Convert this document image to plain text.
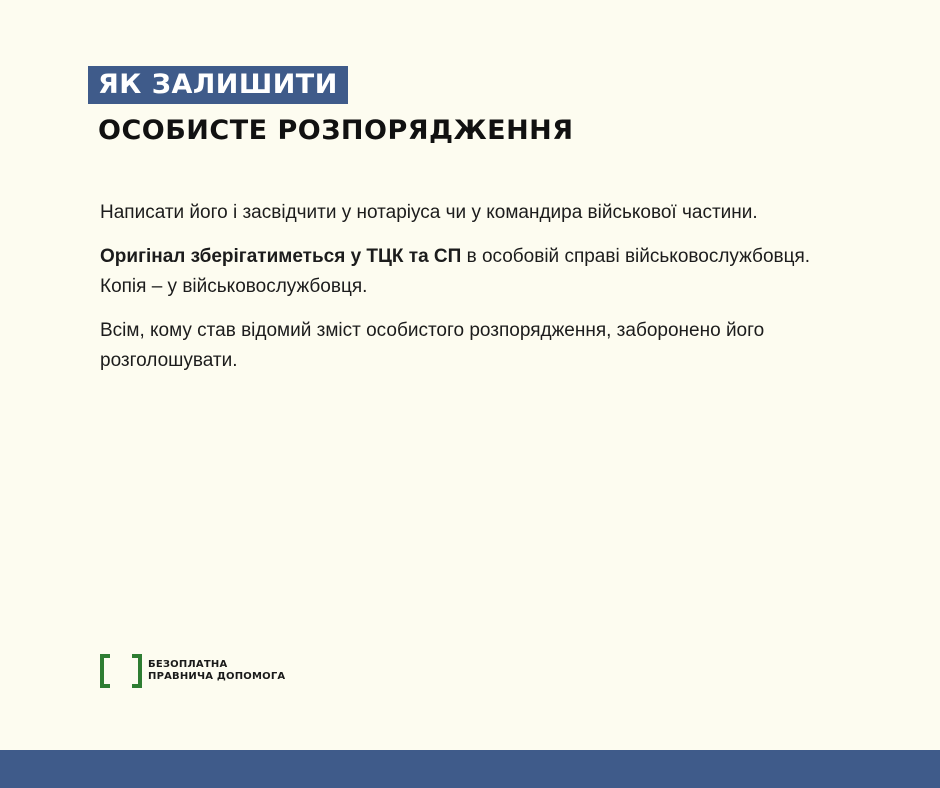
ЯК ЗАЛИШИТИ
ОСОБИСТЕ РОЗПОРЯДЖЕННЯ

Написати його і засвідчити у нотаріуса чи у командира військової частини.

Оригінал зберігатиметься у ТЦК та СП в особовій справі військовослужбовця. Копія – у військовослужбовця.

Всім, кому став відомий зміст особистого розпорядження, заборонено його розголошувати.

БЕЗОПЛАТНА
ПРАВНИЧА ДОПОМОГА
